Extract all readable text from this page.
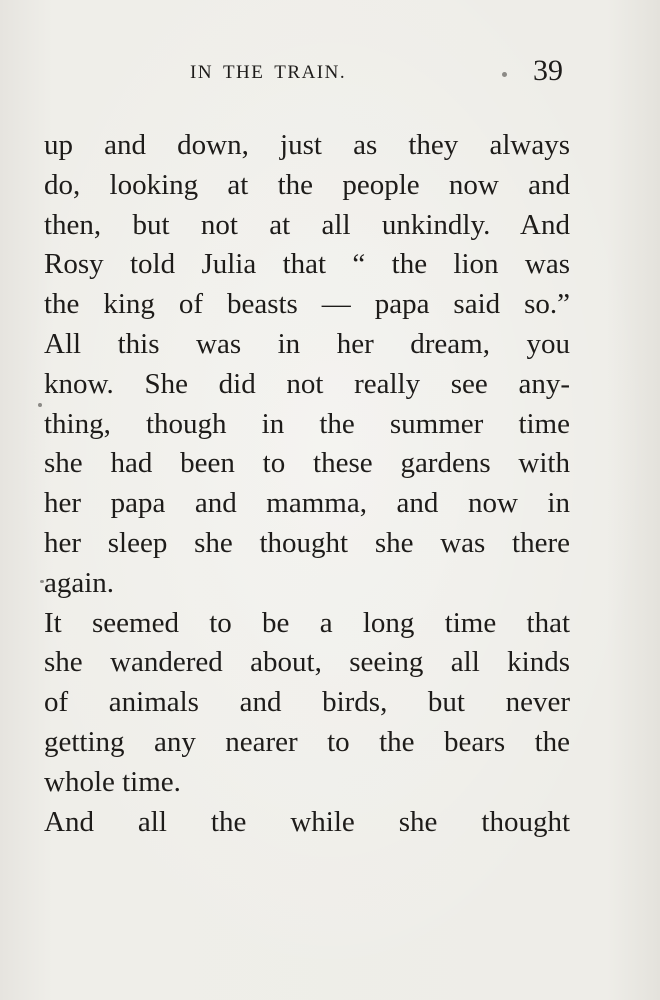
IN THE TRAIN.	39
up and down, just as they always
do, looking at the people now and
then, but not at all unkindly. And
Rosy told Julia that “ the lion was
the king of beasts — papa said so.”
All this was in her dream, you
know. She did not really see any-
thing, though in the summer time
she had been to these gardens with
her papa and mamma, and now in
her sleep she thought she was there
again.
It seemed to be a long time that
she wandered about, seeing all kinds
of animals and birds, but never
getting any nearer to the bears the
whole time.
And all the while she thought
